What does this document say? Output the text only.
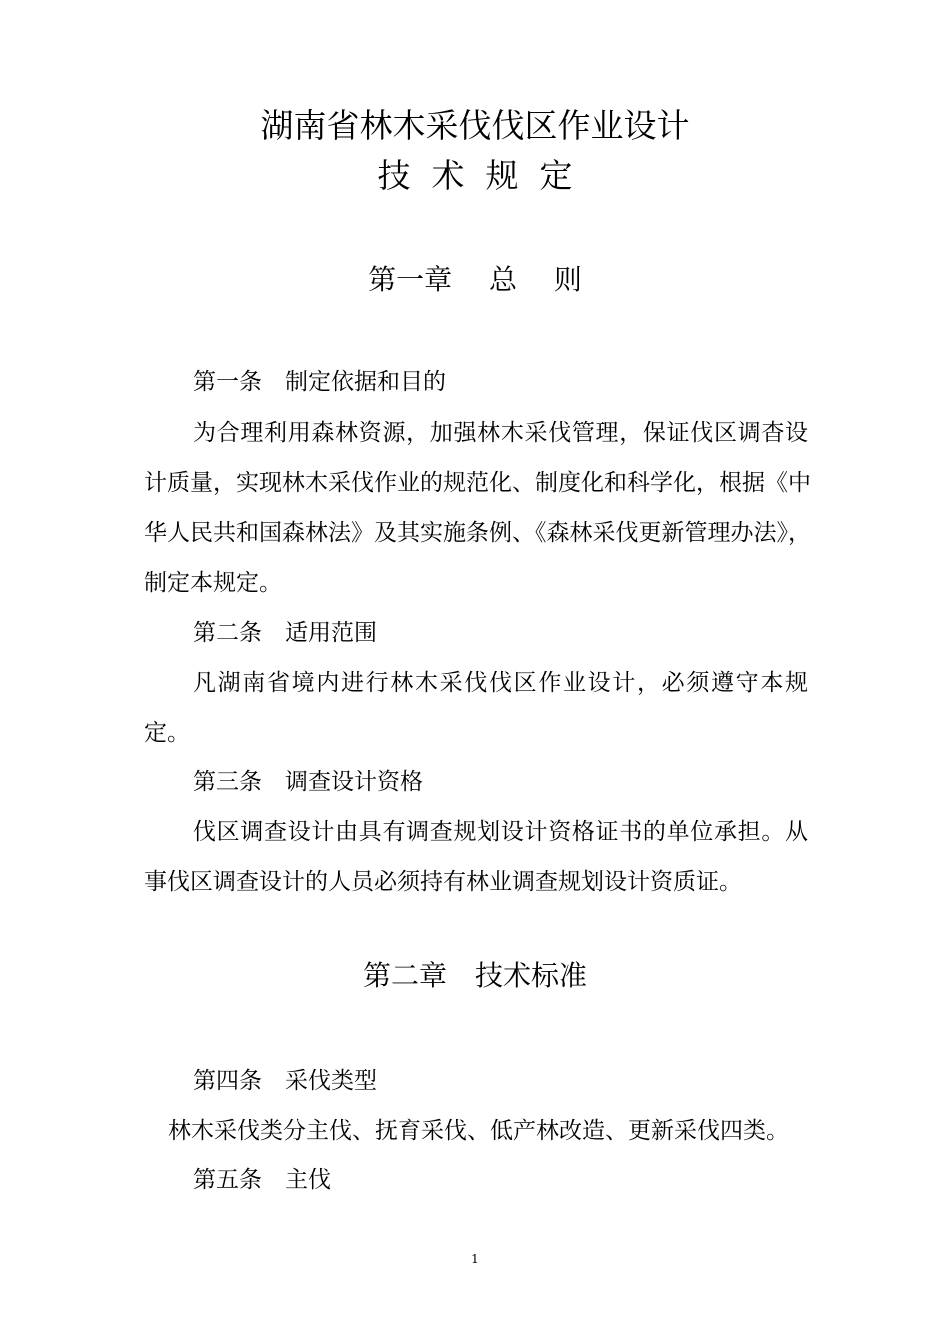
湖南省林木采伐伐区作业设计
技术规定
第一章　 总　 则
第一条　制定依据和目的
为合理利用森林资源，加强林木采伐管理，保证伐区调杳设
计质量，实现林木采伐作业的规范化、制度化和科学化，根据《中
华人民共和国森林法》及其实施条例、《森林采伐更新管理办法》，
制定本规定。
第二条　适用范围
凡湖南省境内进行林木采伐伐区作业设计，必须遵守本规
定。
第三条　调查设计资格
伐区调查设计由具有调查规划设计资格证书的单位承担。从
事伐区调查设计的人员必须持有林业调查规划设计资质证。
第二章　技术标准
第四条　采伐类型
林木采伐类分主伐、抚育采伐、低产林改造、更新采伐四类。
第五条　主伐
1
